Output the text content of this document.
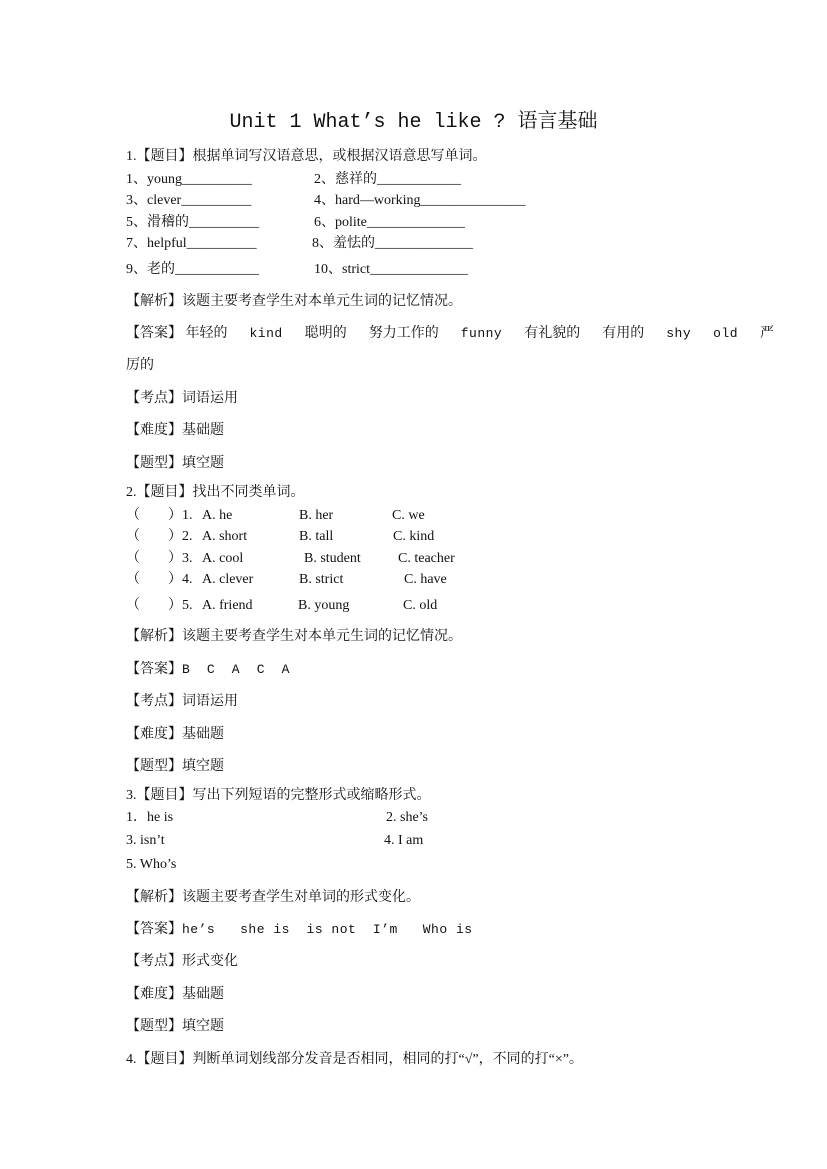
Unit 1 What’s he like ? 语言基础
1.【题目】根据单词写汉语意思，或根据汉语意思写单词。
1、young__________	2、慈祥的____________
3、clever__________	4、hard—working_______________
5、滑稽的__________	6、polite______________
7、helpful__________	8、羞怯的______________
9、老的____________	10、strict______________
【解析】该题主要考查学生对本单元生词的记忆情况。
【答案】 年轻的 kind 聪明的 努力工作的 funny 有礼貌的 有用的 shy old 严
厉的
【考点】词语运用
【难度】基础题
【题型】填空题
2.【题目】找出不同类单词。
（　　）1. A. he	B. her	C. we
（　　）2. A. short	B. tall	C. kind
（　　）3. A. cool	B. student	C. teacher
（　　）4. A. clever	B. strict	C. have
（　　）5. A. friend	B. young	C. old
【解析】该题主要考查学生对本单元生词的记忆情况。
【答案】B  C  A  C  A
【考点】词语运用
【难度】基础题
【题型】填空题
3.【题目】写出下列短语的完整形式或缩略形式。
1．he is	2. she’s
3. isn’t	4. I am
5. Who’s
【解析】该题主要考查学生对单词的形式变化。
【答案】he’s   she is  is not  I’m   Who is
【考点】形式变化
【难度】基础题
【题型】填空题
4.【题目】判断单词划线部分发音是否相同，相同的打“√”，不同的打“×”。
